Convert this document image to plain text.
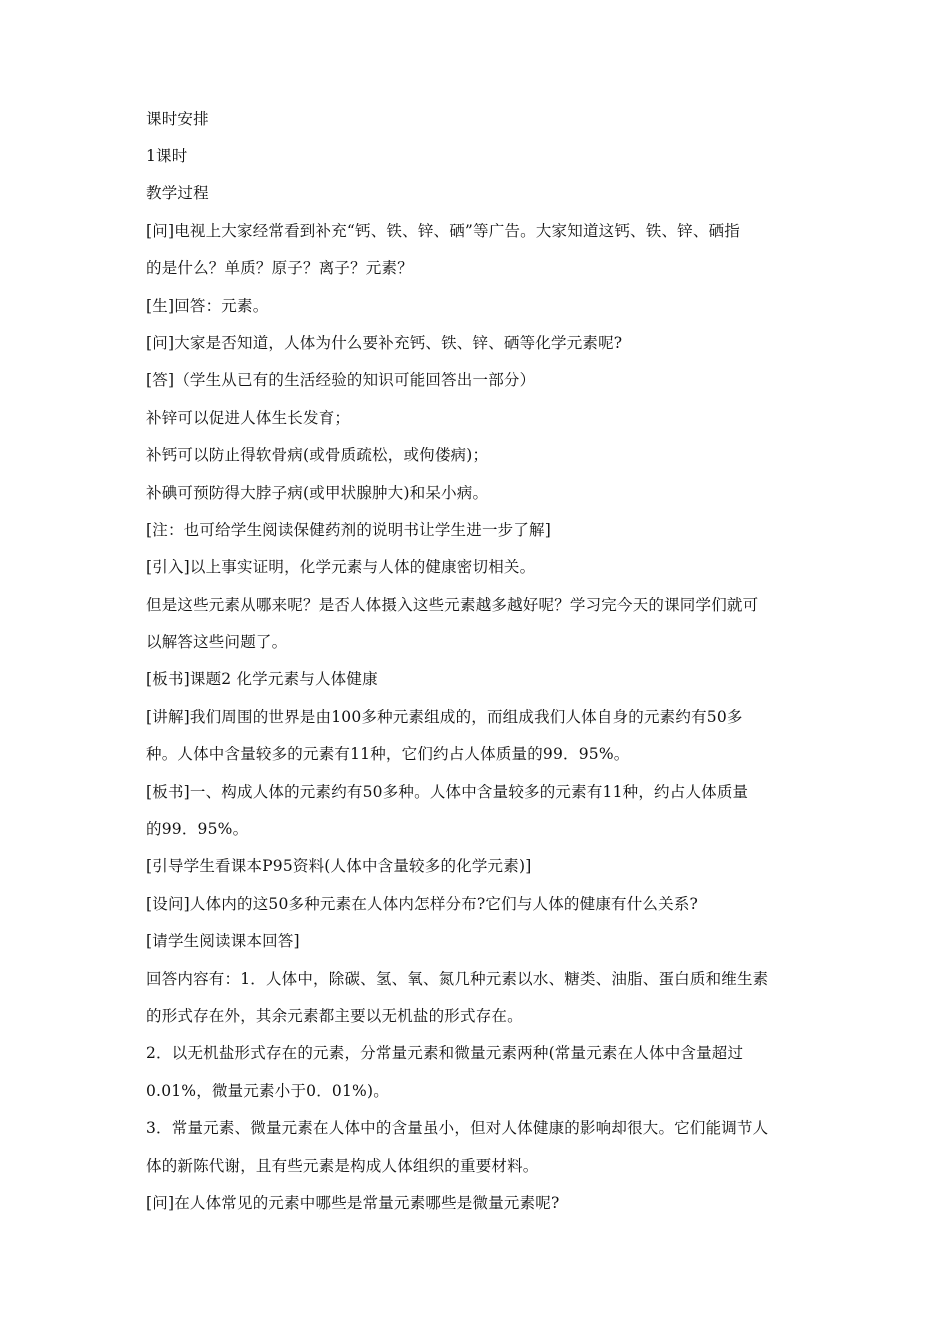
课时安排
1课时
教学过程
[问]电视上大家经常看到补充“钙、铁、锌、硒”等广告。大家知道这钙、铁、锌、硒指
的是什么？单质？原子？离子？元素？
[生]回答：元素。
[问]大家是否知道，人体为什么要补充钙、铁、锌、硒等化学元素呢?
[答]（学生从已有的生活经验的知识可能回答出一部分）
补锌可以促进人体生长发育；
补钙可以防止得软骨病(或骨质疏松，或佝偻病)；
补碘可预防得大脖子病(或甲状腺肿大)和呆小病。
[注：也可给学生阅读保健药剂的说明书让学生进一步了解]
[引入]以上事实证明，化学元素与人体的健康密切相关。
但是这些元素从哪来呢？是否人体摄入这些元素越多越好呢？学习完今天的课同学们就可
以解答这些问题了。
[板书]课题2 化学元素与人体健康
[讲解]我们周围的世界是由100多种元素组成的，而组成我们人体自身的元素约有50多
种。人体中含量较多的元素有11种，它们约占人体质量的99．95%。
[板书]一、构成人体的元素约有50多种。人体中含量较多的元素有11种，约占人体质量
的99．95%。
[引导学生看课本P95资料(人体中含量较多的化学元素)]
[设问]人体内的这50多种元素在人体内怎样分布?它们与人体的健康有什么关系?
[请学生阅读课本回答]
回答内容有：1．人体中，除碳、氢、氧、氮几种元素以水、糖类、油脂、蛋白质和维生素
的形式存在外，其余元素都主要以无机盐的形式存在。
2．以无机盐形式存在的元素，分常量元素和微量元素两种(常量元素在人体中含量超过
0.01%，微量元素小于0．01%)。
3．常量元素、微量元素在人体中的含量虽小，但对人体健康的影响却很大。它们能调节人
体的新陈代谢，且有些元素是构成人体组织的重要材料。
[问]在人体常见的元素中哪些是常量元素哪些是微量元素呢?
